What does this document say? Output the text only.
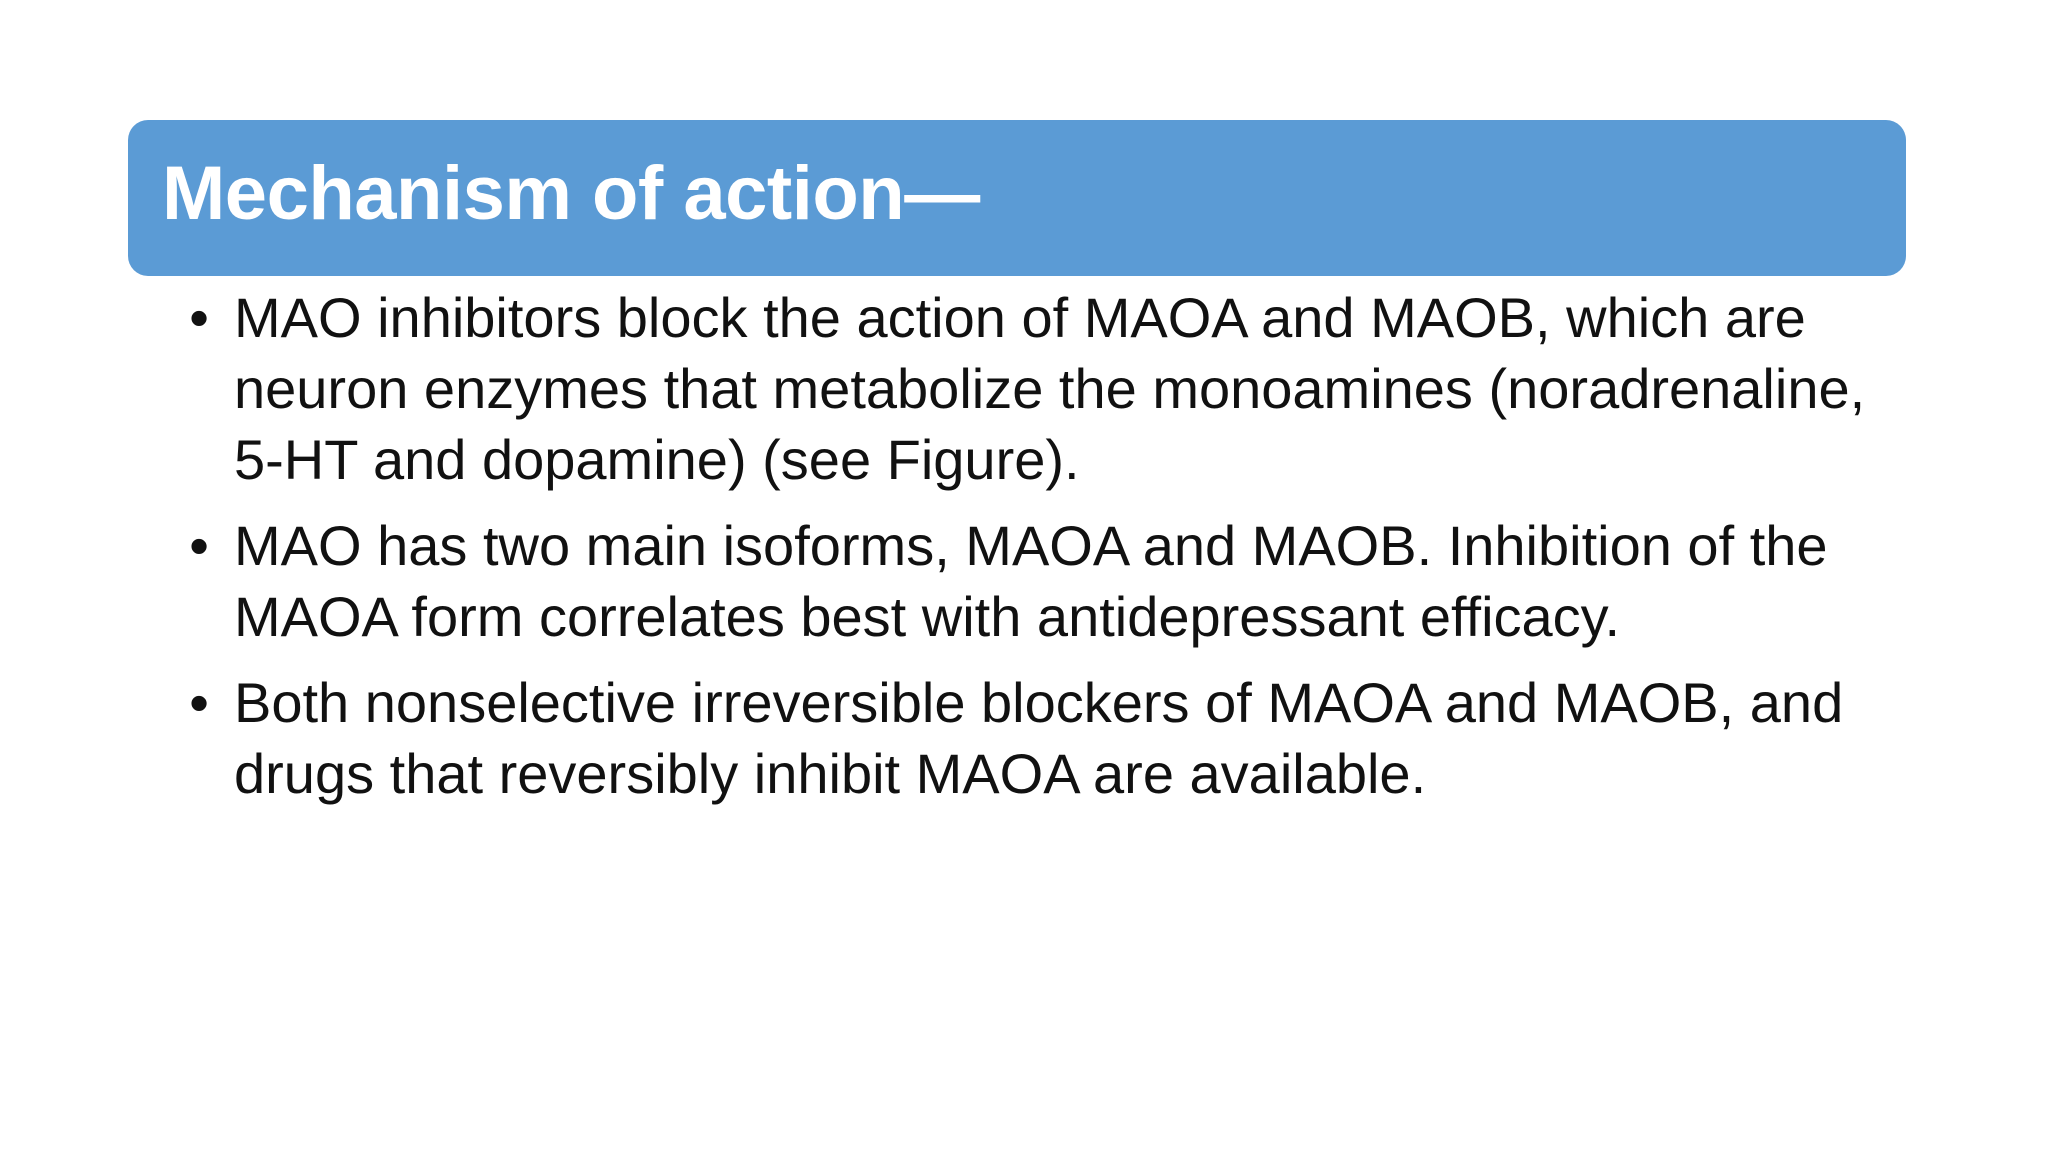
Mechanism of action—
• MAO inhibitors block the action of MAOA and MAOB, which are neuron enzymes that metabolize the monoamines (noradrenaline, 5-HT and dopamine) (see Figure).
• MAO has two main isoforms, MAOA and MAOB. Inhibition of the MAOA form correlates best with antidepressant efficacy.
• Both nonselective irreversible blockers of MAOA and MAOB, and drugs that reversibly inhibit MAOA are available.
